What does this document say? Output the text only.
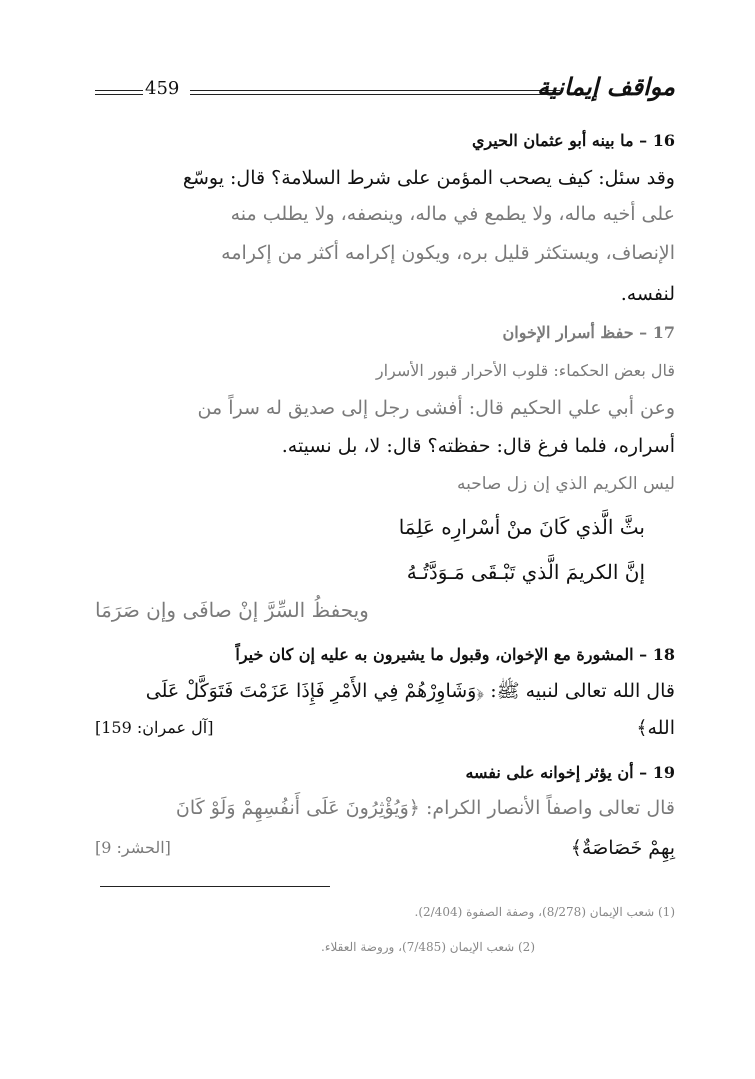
459	مواقف إيمانية
16 – ما بينه أبو عثمان الحيري
وقد سئل: كيف يصحب المؤمن على شرط السلامة؟ قال: يوسّع
على أخيه ماله، ولا يطمع في ماله، وينصفه، ولا يطلب منه
الإنصاف، ويستكثر قليل بره، ويكون إكرامه أكثر من إكرامه
لنفسه.
17 – حفظ أسرار الإخوان
قال بعض الحكماء: قلوب الأحرار قبور الأسرار
وعن أبي علي الحكيم قال: أفشى رجل إلى صديق له سراً من
أسراره، فلما فرغ قال: حفظته؟ قال: لا، بل نسيته.
ليس الكريم الذي إن زل صاحبه
بثَّ الَّذي كَانَ منْ أسْرارِه عَلِمَا
إنَّ الكريمَ الَّذي تَبْـقَى مَـوَدَّتُـهُ
ويحفظُ السِّرَّ إنْ صافَى وإن صَرَمَا
18 – المشورة مع الإخوان، وقبول ما يشيرون به عليه إن كان خيراً
قال الله تعالى لنبيه ﷺ: ﴿وَشَاوِرْهُمْ فِي الأَمْرِ فَإِذَا عَزَمْتَ فَتَوَكَّلْ عَلَى
الله﴾
[آل عمران: 159]
19 – أن يؤثر إخوانه على نفسه
قال تعالى واصفاً الأنصار الكرام: ﴿وَيُؤْثِرُونَ عَلَى أَنفُسِهِمْ وَلَوْ كَانَ
بِهِمْ خَصَاصَةٌ﴾
[الحشر: 9]
(1) شعب الإيمان (8/278)، وصفة الصفوة (2/404).
(2) شعب الإيمان (7/485)، وروضة العقلاء.
